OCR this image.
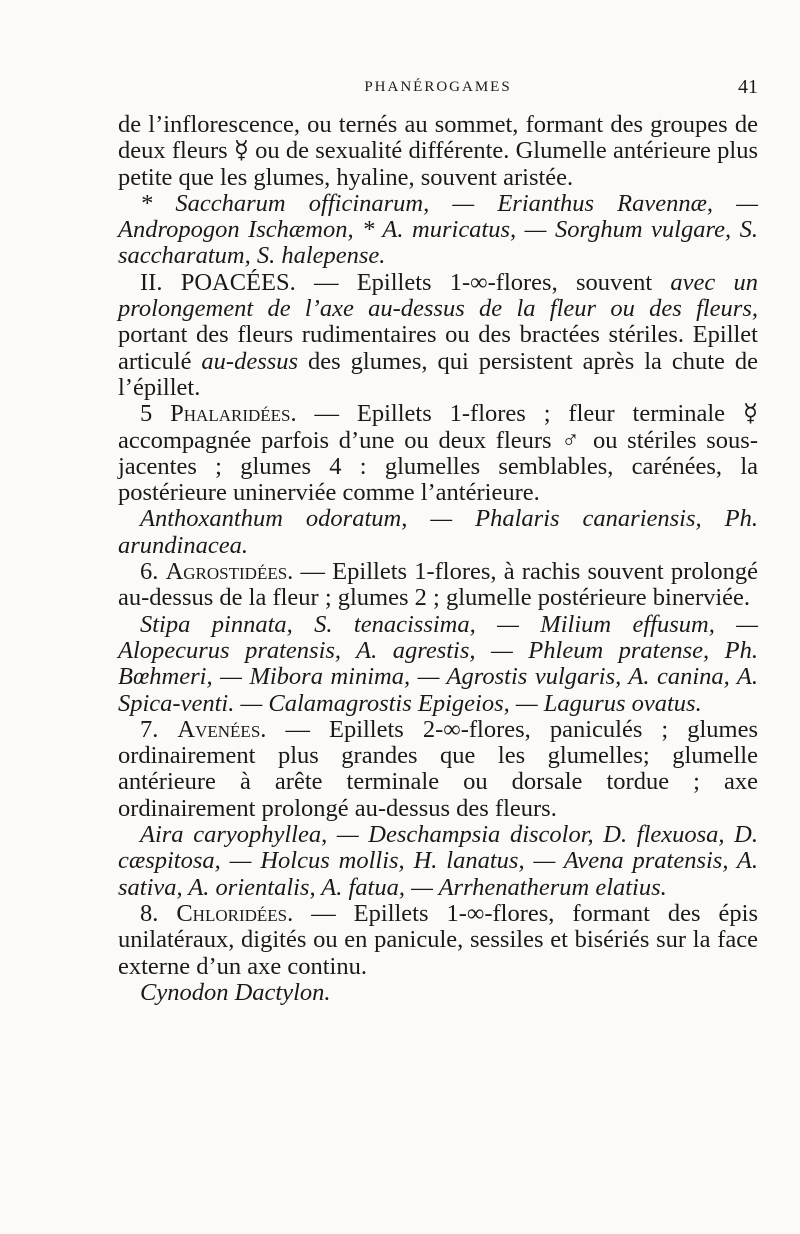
PHANÉROGAMES	41

de l’inflorescence, ou ternés au sommet, formant des groupes de deux fleurs ☿ ou de sexualité différente. Glumelle antérieure plus petite que les glumes, hyaline, souvent aristée.

* Saccharum officinarum, — Erianthus Ravennæ, — Andropogon Ischæmon, * A. muricatus, — Sorghum vulgare, S. saccharatum, S. halepense.

II. POACÉES. — Epillets 1-∞-flores, souvent avec un prolongement de l’axe au-dessus de la fleur ou des fleurs, portant des fleurs rudimentaires ou des bractées stériles. Epillet articulé au-dessus des glumes, qui persistent après la chute de l’épillet.

5 Phalaridées. — Epillets 1-flores ; fleur terminale ☿ accompagnée parfois d’une ou deux fleurs ♂ ou stériles sous-jacentes ; glumes 4 : glumelles semblables, carénées, la postérieure uninerviée comme l’antérieure.

Anthoxanthum odoratum, — Phalaris canariensis, Ph. arundinacea.

6. Agrostidées. — Epillets 1-flores, à rachis souvent prolongé au-dessus de la fleur ; glumes 2 ; glumelle postérieure binerviée.

Stipa pinnata, S. tenacissima, — Milium effusum, — Alopecurus pratensis, A. agrestis, — Phleum pratense, Ph. Bœhmeri, — Mibora minima, — Agrostis vulgaris, A. canina, A. Spica-venti. — Calamagrostis Epigeios, — Lagurus ovatus.

7. Avenées. — Epillets 2-∞-flores, paniculés ; glumes ordinairement plus grandes que les glumelles; glumelle antérieure à arête terminale ou dorsale tordue ; axe ordinairement prolongé au-dessus des fleurs.

Aira caryophyllea, — Deschampsia discolor, D. flexuosa, D. cæspitosa, — Holcus mollis, H. lanatus, — Avena pratensis, A. sativa, A. orientalis, A. fatua, — Arrhenatherum elatius.

8. Chloridées. — Epillets 1-∞-flores, formant des épis unilatéraux, digités ou en panicule, sessiles et bisériés sur la face externe d’un axe continu.

Cynodon Dactylon.
